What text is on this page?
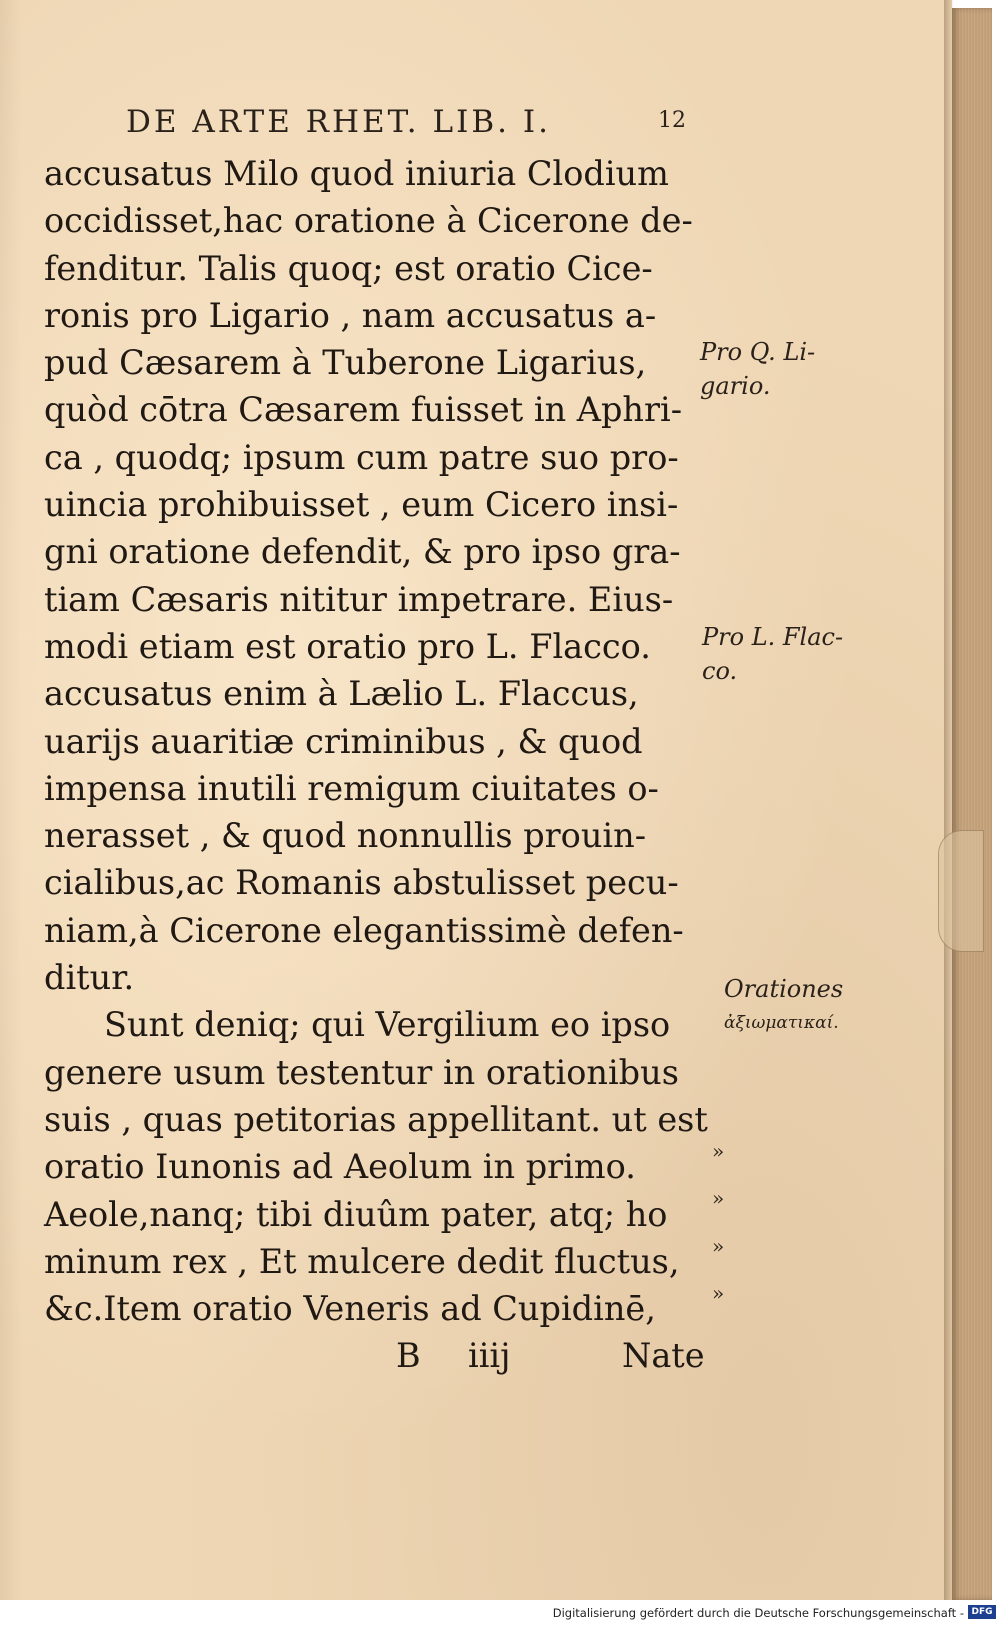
DE ARTE RHET. LIB. I.	12
accusatus Milo quod iniuria Clodium
occidisset,hac oratione à Cicerone de-
fenditur. Talis quoq; est oratio Cice-
ronis pro Ligario , nam accusatus a-
pud Cæsarem à Tuberone Ligarius,
quòd cōtra Cæsarem fuisset in Aphri-
ca , quodq; ipsum cum patre suo pro-
uincia prohibuisset , eum Cicero insi-
gni oratione defendit, & pro ipso gra-
tiam Cæsaris nititur impetrare. Eius-
modi etiam est oratio pro L. Flacco.
accusatus enim à Lælio L. Flaccus,
uarijs auaritiæ criminibus , & quod
impensa inutili remigum ciuitates o-
nerasset , & quod nonnullis prouin-
cialibus,ac Romanis abstulisset pecu-
niam,à Cicerone elegantissimè defen-
ditur.
Sunt deniq; qui Vergilium eo ipso
genere usum testentur in orationibus
suis , quas petitorias appellitant. ut est
oratio Iunonis ad Aeolum in primo.
Aeole,nanq; tibi diuûm pater, atq; ho
minum rex , Et mulcere dedit fluctus,
&c.Item oratio Veneris ad Cupidinē,
B iiij	Nate
»
»
»
»
Pro Q. Li-
gario.
Pro L. Flac-
co.
Orationes
ἀξιωματικαί.
Digitalisierung gefördert durch die Deutsche Forschungsgemeinschaft - DFG
